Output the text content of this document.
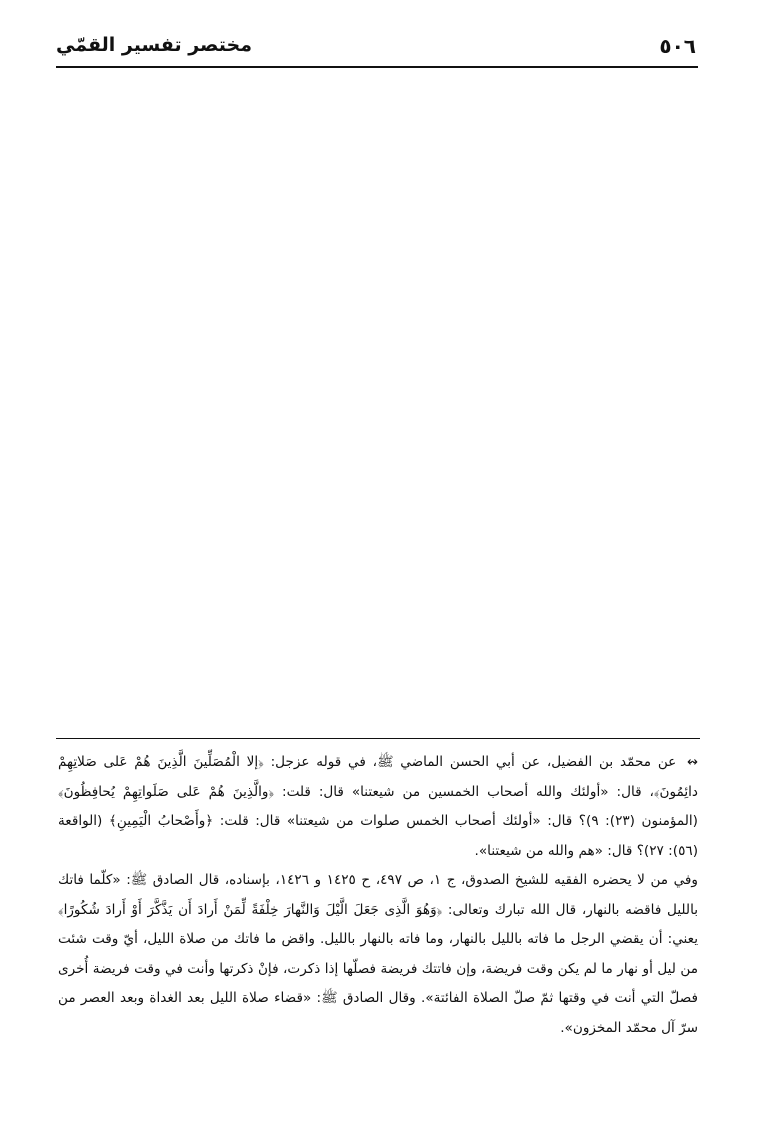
٥٠٦
مختصر تفسير القمّي

↭ عن محمّد بن الفضيل، عن أبي الحسن الماضي ﷺ، في قوله عزجل: ﴿إلا الْمُصَلِّينَ الَّذِينَ هُمْ عَلى صَلاتِهِمْ دائِمُونَ﴾، قال: «أولئك والله أصحاب الخمسين من شيعتنا» قال: قلت: ﴿والَّذِينَ هُمْ عَلى صَلَواتِهِمْ يُحافِظُونَ﴾ (المؤمنون (٢٣): ٩)؟ قال: «أولئك أصحاب الخمس صلوات من شيعتنا» قال: قلت: ﴿وأَصْحابُ الْيَمِينِ﴾ (الواقعة (٥٦): ٢٧)؟ قال: «هم والله من شيعتنا».

وفي من لا يحضره الفقيه للشيخ الصدوق، ج ١، ص ٤٩٧، ح ١٤٢٥ و ١٤٢٦، بإسناده، قال الصادق ﷺ: «كلّما فاتك بالليل فاقضه بالنهار، قال الله تبارك وتعالى: ﴿وَهُوَ الَّذِى جَعَلَ الَّيْلَ وَالنَّهارَ خِلْفَةً لِّمَنْ أَرادَ أَن يَذَّكَّرَ أَوْ أَرادَ شُكُورًا﴾ يعني: أن يقضي الرجل ما فاته بالليل بالنهار، وما فاته بالنهار بالليل. واقض ما فاتك من صلاة الليل، أيّ وقت شئت من ليل أو نهار ما لم يكن وقت فريضة، وإن فاتتك فريضة فصلّها إذا ذكرت، فإنْ ذكرتها وأنت في وقت فريضة أُخرى فصلّ التي أنت في وقتها ثمّ صلّ الصلاة الفائتة». وقال الصادق ﷺ: «قضاء صلاة الليل بعد الغداة وبعد العصر من سرّ آل محمّد المخزون».
